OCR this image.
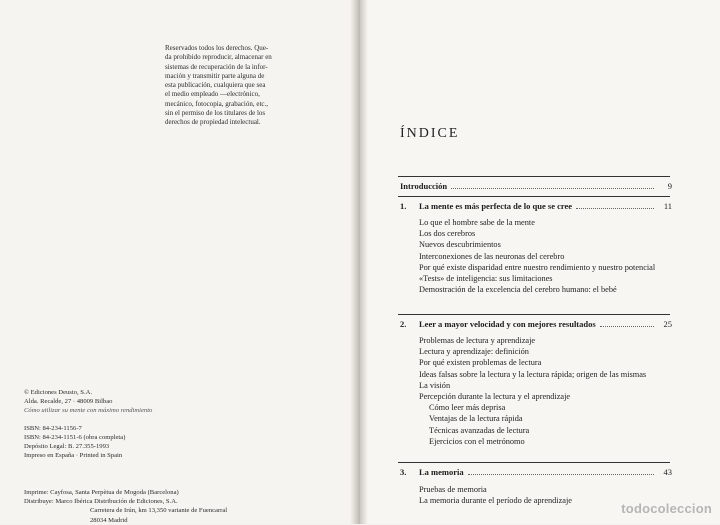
Reservados todos los derechos. Que-
da prohibido reproducir, almacenar en
sistemas de recuperación de la infor-
mación y transmitir parte alguna de
esta publicación, cualquiera que sea
el medio empleado —electrónico,
mecánico, fotocopia, grabación, etc.,
sin el permiso de los titulares de los
derechos de propiedad intelectual.
© Ediciones Deusto, S.A.
Alda. Recalde, 27 · 48009 Bilbao
Cómo utilizar su mente con máximo rendimiento
ISBN: 84-234-1156-7
ISBN: 84-234-1151-6 (obra completa)
Depósito Legal: B. 27.355-1993
Impreso en España · Printed in Spain
Imprime: Cayfosa, Santa Perpètua de Mogoda (Barcelona)
Distribuye: Marco Ibérica Distribución de Ediciones, S.A.
Carretera de Irún, km 13,350 variante de Fuencarral
28034 Madrid
ÍNDICE
Introducción	9
1.	La mente es más perfecta de lo que se cree	11
Lo que el hombre sabe de la mente
Los dos cerebros
Nuevos descubrimientos
Interconexiones de las neuronas del cerebro
Por qué existe disparidad entre nuestro rendimiento y nuestro potencial
«Tests» de inteligencia: sus limitaciones
Demostración de la excelencia del cerebro humano: el bebé
2.	Leer a mayor velocidad y con mejores resultados	25
Problemas de lectura y aprendizaje
Lectura y aprendizaje: definición
Por qué existen problemas de lectura
Ideas falsas sobre la lectura y la lectura rápida; origen de las mismas
La visión
Percepción durante la lectura y el aprendizaje
Cómo leer más deprisa
Ventajas de la lectura rápida
Técnicas avanzadas de lectura
Ejercicios con el metrónomo
3.	La memoria	43
Pruebas de memoria
La memoria durante el período de aprendizaje
todocoleccion
